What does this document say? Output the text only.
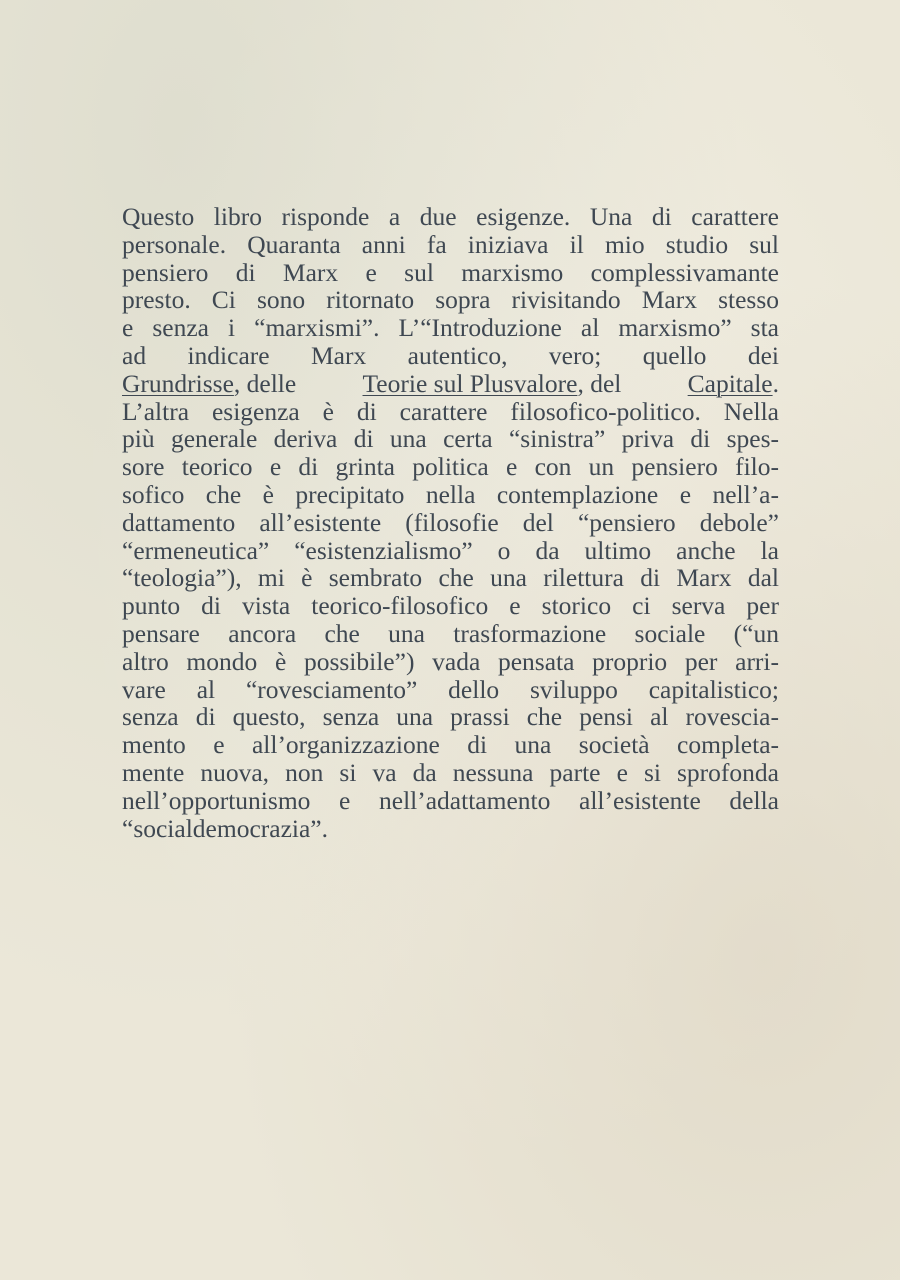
Questo libro risponde a due esigenze. Una di carattere
personale. Quaranta anni fa iniziava il mio studio sul
pensiero di Marx e sul marxismo complessivamante
presto. Ci sono ritornato sopra rivisitando Marx stesso
e senza i “marxismi”. L’“Introduzione al marxismo” sta
ad indicare Marx autentico, vero; quello dei
Grundrisse, delle	Teorie sul Plusvalore, del	Capitale.
L’altra esigenza è di carattere filosofico-politico. Nella
più generale deriva di una certa “sinistra” priva di spes-
sore teorico e di grinta politica e con un pensiero filo-
sofico che è precipitato nella contemplazione e nell’a-
dattamento all’esistente (filosofie del “pensiero debole”
“ermeneutica” “esistenzialismo” o da ultimo anche la
“teologia”), mi è sembrato che una rilettura di Marx dal
punto di vista teorico-filosofico e storico ci serva per
pensare ancora che una trasformazione sociale (“un
altro mondo è possibile”) vada pensata proprio per arri-
vare al “rovesciamento” dello sviluppo capitalistico;
senza di questo, senza una prassi che pensi al rovescia-
mento e all’organizzazione di una società completa-
mente nuova, non si va da nessuna parte e si sprofonda
nell’opportunismo e nell’adattamento all’esistente della
“socialdemocrazia”.
